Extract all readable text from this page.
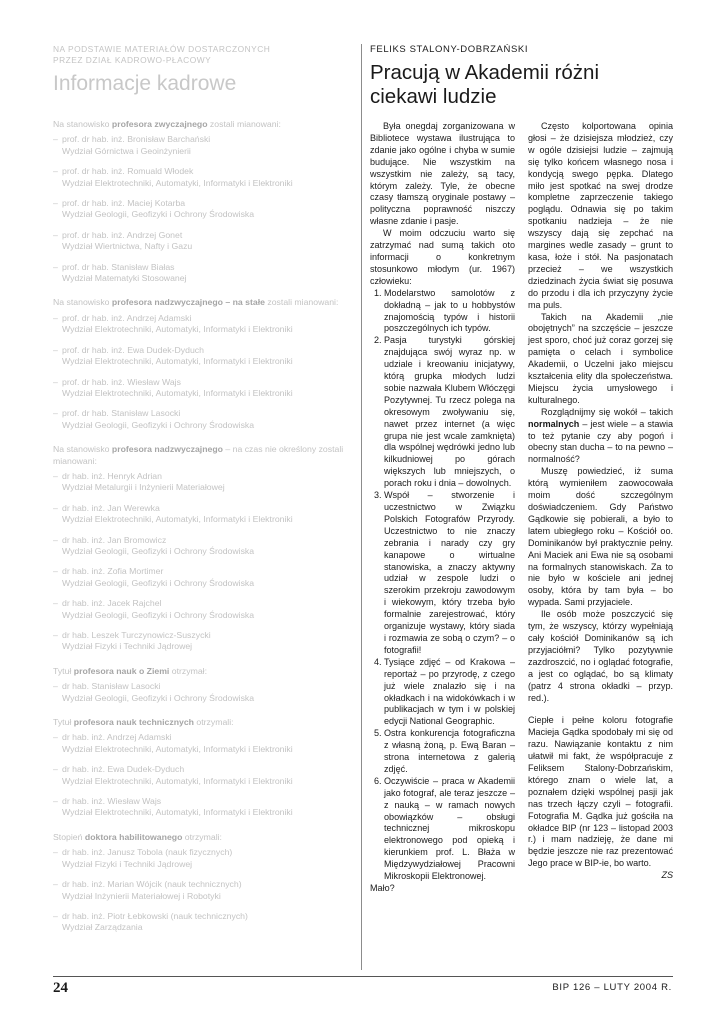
NA PODSTAWIE MATERIAŁÓW DOSTARCZONYCH
PRZEZ DZIAŁ KADROWO-PŁACOWY
Informacje kadrowe
Na stanowisko profesora zwyczajnego zostali mianowani:
– prof. dr hab. inż. Bronisław Barchański
Wydział Górnictwa i Geoinżynierii
– prof. dr hab. inż. Romuald Włodek
Wydział Elektrotechniki, Automatyki, Informatyki i Elektroniki
– prof. dr hab. inż. Maciej Kotarba
Wydział Geologii, Geofizyki i Ochrony Środowiska
– prof. dr hab. inż. Andrzej Gonet
Wydział Wiertnictwa, Nafty i Gazu
– prof. dr hab. Stanisław Białas
Wydział Matematyki Stosowanej
Na stanowisko profesora nadzwyczajnego – na stałe zostali mianowani:
– prof. dr hab. inż. Andrzej Adamski
Wydział Elektrotechniki, Automatyki, Informatyki i Elektroniki
– prof. dr hab. inż. Ewa Dudek-Dyduch
Wydział Elektrotechniki, Automatyki, Informatyki i Elektroniki
– prof. dr hab. inż. Wiesław Wajs
Wydział Elektrotechniki, Automatyki, Informatyki i Elektroniki
– prof. dr hab. Stanisław Lasocki
Wydział Geologii, Geofizyki i Ochrony Środowiska
Na stanowisko profesora nadzwyczajnego – na czas nie określony zostali mianowani:
– dr hab. inż. Henryk Adrian
Wydział Metalurgii i Inżynierii Materiałowej
– dr hab. inż. Jan Werewka
Wydział Elektrotechniki, Automatyki, Informatyki i Elektroniki
– dr hab. inż. Jan Bromowicz
Wydział Geologii, Geofizyki i Ochrony Środowiska
– dr hab. inż. Zofia Mortimer
Wydział Geologii, Geofizyki i Ochrony Środowiska
– dr hab. inż. Jacek Rajchel
Wydział Geologii, Geofizyki i Ochrony Środowiska
– dr hab. Leszek Turczynowicz-Suszycki
Wydział Fizyki i Techniki Jądrowej
Tytuł profesora nauk o Ziemi otrzymał:
– dr hab. Stanisław Lasocki
Wydział Geologii, Geofizyki i Ochrony Środowiska
Tytuł profesora nauk technicznych otrzymali:
– dr hab. inż. Andrzej Adamski
Wydział Elektrotechniki, Automatyki, Informatyki i Elektroniki
– dr hab. inż. Ewa Dudek-Dyduch
Wydział Elektrotechniki, Automatyki, Informatyki i Elektroniki
– dr hab. inż. Wiesław Wajs
Wydział Elektrotechniki, Automatyki, Informatyki i Elektroniki
Stopień doktora habilitowanego otrzymali:
– dr hab. inż. Janusz Tobola (nauk fizycznych)
Wydział Fizyki i Techniki Jądrowej
– dr hab. inż. Marian Wójcik (nauk technicznych)
Wydział Inżynierii Materiałowej i Robotyki
– dr hab. inż. Piotr Łebkowski (nauk technicznych)
Wydział Zarządzania
FELIKS STALONY-DOBRZAŃSKI
Pracują w Akademii różni
ciekawi ludzie

Była onegdaj zorganizowana w Bibliotece wystawa ilustrująca to zdanie jako ogólne i chyba w sumie budujące. Nie wszystkim na wszystkim nie zależy, są tacy, którym zależy. Tyle, że obecne czasy tłamszą oryginale postawy – polityczna poprawność niszczy własne zdanie i pasje.

W moim odczuciu warto się zatrzymać nad sumą takich oto informacji o konkretnym stosunkowo młodym (ur. 1967) człowieku:

1. Modelarstwo samolotów z dokładną – jak to u hobbystów znajomością typów i historii poszczególnych ich typów.
2. Pasja turystyki górskiej znajdująca swój wyraz np. w udziale i kreowaniu inicjatywy, którą grupka młodych ludzi sobie nazwała Klubem Włóczęgi Pozytywnej. Tu rzecz polega na okresowym zwoływaniu się, nawet przez internet (a więc grupa nie jest wcale zamknięta) dla wspólnej wędrówki jedno lub kilkudniowej po górach większych lub mniejszych, o porach roku i dnia – dowolnych.
3. Współ – stworzenie i uczestnictwo w Związku Polskich Fotografów Przyrody. Uczestnictwo to nie znaczy zebrania i narady czy gry kanapowe o wirtualne stanowiska, a znaczy aktywny udział w zespole ludzi o szerokim przekroju zawodowym i wiekowym, który trzeba było formalnie zarejestrować, który organizuje wystawy, który siada i rozmawia ze sobą o czym? – o fotografii!
4. Tysiące zdjęć – od Krakowa – reportaż – po przyrodę, z czego już wiele znalazło się i na okładkach i na widokówkach i w publikacjach w tym i w polskiej edycji National Geographic.
5. Ostra konkurencja fotograficzna z własną żoną, p. Ewą Baran – strona internetowa z galerią zdjęć.
6. Oczywiście – praca w Akademii jako fotograf, ale teraz jeszcze – z nauką – w ramach nowych obowiązków – obsługi technicznej mikroskopu elektronowego pod opieką i kierunkiem prof. L. Błaża w Międzywydziałowej Pracowni Mikroskopii Elektronowej.

Mało?

Często kolportowana opinia głosi – że dzisiejsza młodzież, czy w ogóle dzisiejsi ludzie – zajmują się tylko końcem własnego nosa i kondycją swego pępka. Dlatego miło jest spotkać na swej drodze kompletne zaprzeczenie takiego poglądu. Odnawia się po takim spotkaniu nadzieja – że nie wszyscy dają się zepchać na margines wedle zasady – grunt to kasa, łoże i stół. Na pasjonatach przecież – we wszystkich dziedzinach życia świat się posuwa do przodu i dla ich przyczyny życie ma puls.

Takich na Akademii „nie obojętnych” na szczęście – jeszcze jest sporo, choć już coraz gorzej się pamięta o celach i symbolice Akademii, o Uczelni jako miejscu kształcenia elity dla społeczeństwa. Miejscu życia umysłowego i kulturalnego.

Rozglądnijmy się wokół – takich normalnych – jest wiele – a stawia to też pytanie czy aby pogoń i obecny stan ducha – to na pewno – normalność?

Muszę powiedzieć, iż suma którą wymieniłem zaowocowała moim dość szczególnym doświadczeniem. Gdy Państwo Gądkowie się pobierali, a było to latem ubiegłego roku – Kościół oo. Dominikanów był praktycznie pełny. Ani Maciek ani Ewa nie są osobami na formalnych stanowiskach. Za to nie było w kościele ani jednej osoby, która by tam była – bo wypada. Sami przyjaciele.

Ile osób może poszczycić się tym, że wszyscy, którzy wypełniają cały kościół Dominikanów są ich przyjaciółmi? Tylko pozytywnie zazdroszcić, no i oglądać fotografie, a jest co oglądać, bo są klimaty (patrz 4 strona okładki – przyp. red.).

Ciepłe i pełne koloru fotografie Macieja Gądka spodobały mi się od razu. Nawiązanie kontaktu z nim ułatwił mi fakt, że współpracuje z Feliksem Stalony-Dobrzańskim, którego znam o wiele lat, a poznałem dzięki wspólnej pasji jak nas trzech łączy czyli – fotografii. Fotografia M. Gądka już gościła na okładce BIP (nr 123 – listopad 2003 r.) i mam nadzieję, że dane mi będzie jeszcze nie raz prezentować Jego prace w BIP-ie, bo warto.

ZS
24	BIP 126 – LUTY 2004 R.
